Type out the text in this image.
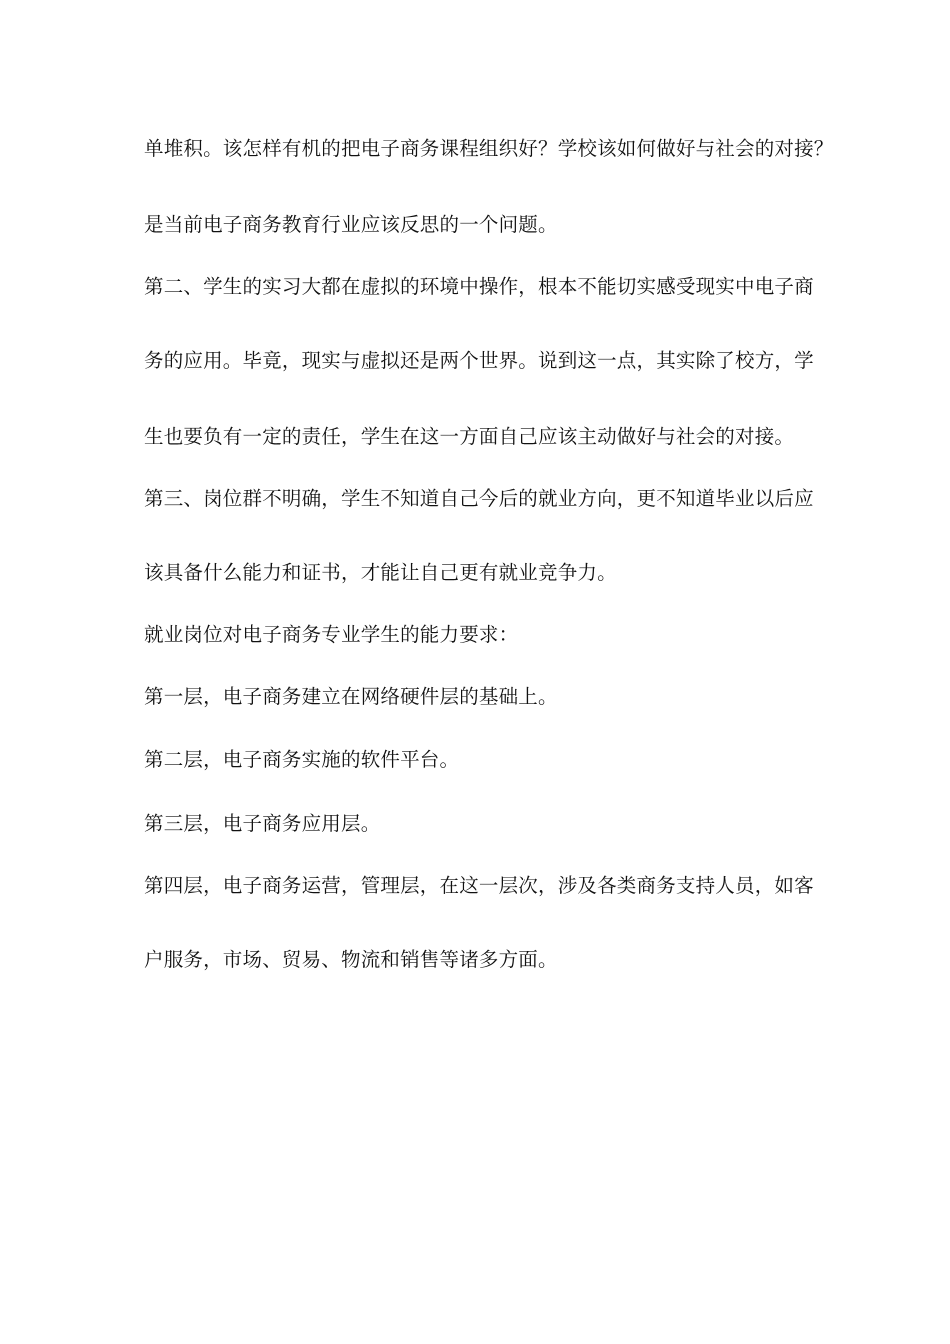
单堆积。该怎样有机的把电子商务课程组织好？学校该如何做好与社会的对接？
是当前电子商务教育行业应该反思的一个问题。
第二、学生的实习大都在虚拟的环境中操作，根本不能切实感受现实中电子商
务的应用。毕竟，现实与虚拟还是两个世界。说到这一点，其实除了校方，学
生也要负有一定的责任，学生在这一方面自己应该主动做好与社会的对接。
第三、岗位群不明确，学生不知道自己今后的就业方向，更不知道毕业以后应
该具备什么能力和证书，才能让自己更有就业竞争力。
就业岗位对电子商务专业学生的能力要求：
第一层，电子商务建立在网络硬件层的基础上。
第二层，电子商务实施的软件平台。
第三层，电子商务应用层。
第四层，电子商务运营，管理层，在这一层次，涉及各类商务支持人员，如客
户服务，市场、贸易、物流和销售等诸多方面。
